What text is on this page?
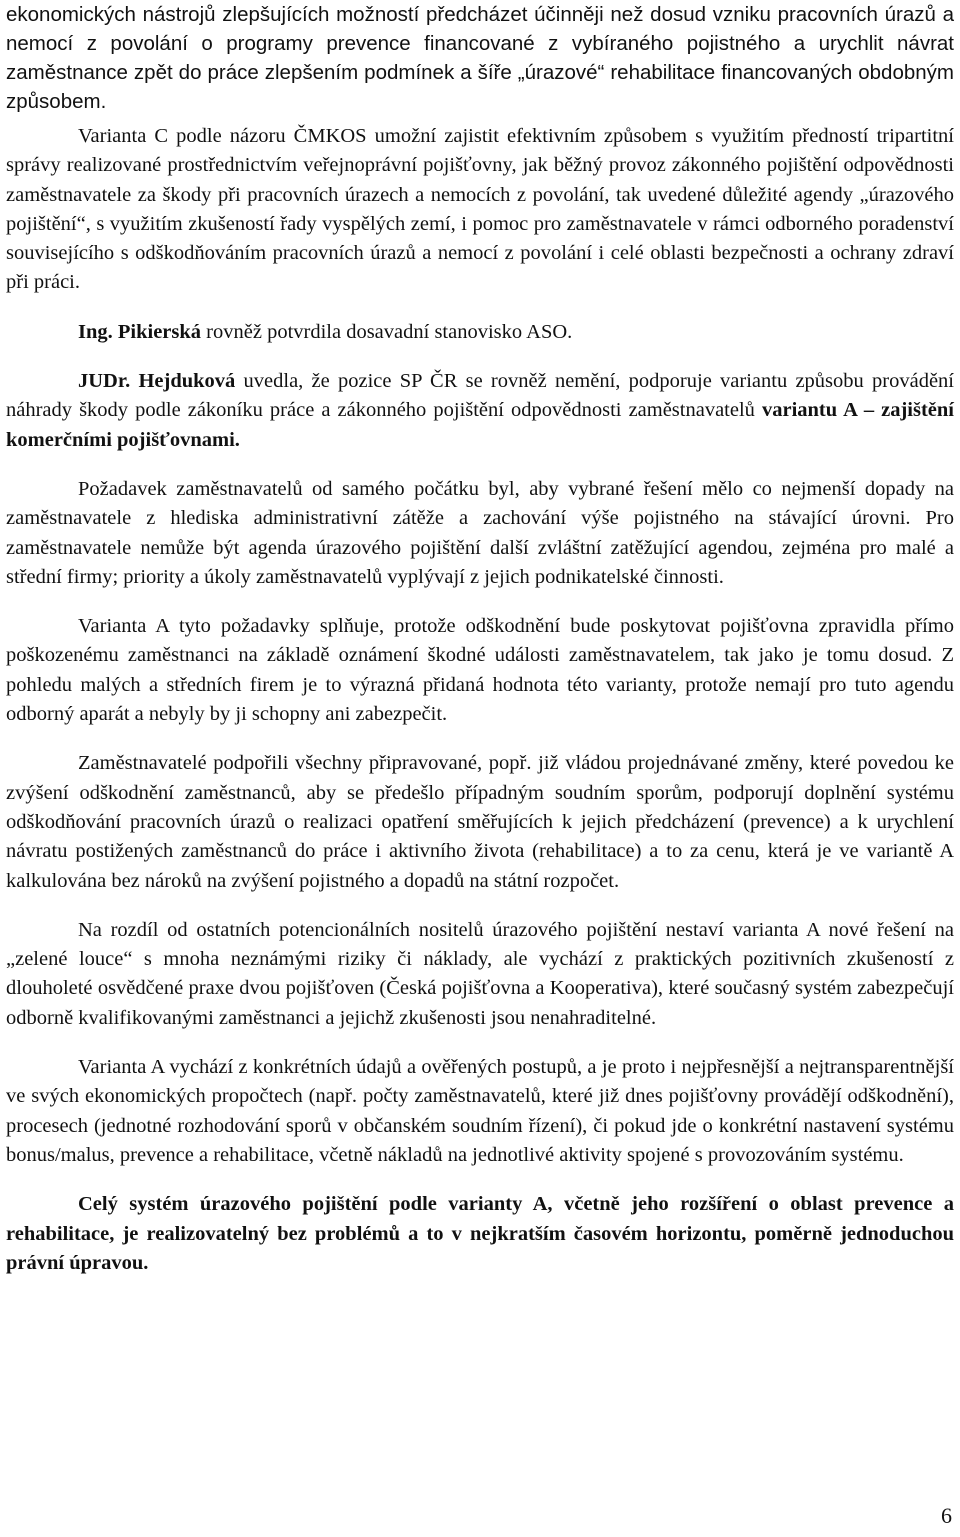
ekonomických nástrojů zlepšujících možností předcházet účinněji než dosud vzniku pracovních úrazů a nemocí z povolání o programy prevence financované z vybíraného pojistného a urychlit návrat zaměstnance zpět do práce zlepšením podmínek a šíře „úrazové“ rehabilitace financovaných obdobným způsobem.

Varianta C podle názoru ČMKOS umožní zajistit efektivním způsobem s využitím předností tripartitní správy realizované prostřednictvím veřejnoprávní pojišťovny, jak běžný provoz zákonného pojištění odpovědnosti zaměstnavatele za škody při pracovních úrazech a nemocích z povolání, tak uvedené důležité agendy „úrazového pojištění“, s využitím zkušeností řady vyspělých zemí, i pomoc pro zaměstnavatele v rámci odborného poradenství souvisejícího s odškodňováním pracovních úrazů a nemocí z povolání i celé oblasti bezpečnosti a ochrany zdraví při práci.

Ing. Pikierská rovněž potvrdila dosavadní stanovisko ASO.

JUDr. Hejduková uvedla, že pozice SP ČR se rovněž nemění, podporuje variantu způsobu provádění náhrady škody podle zákoníku práce a zákonného pojištění odpovědnosti zaměstnavatelů variantu A – zajištění komerčními pojišťovnami.

Požadavek zaměstnavatelů od samého počátku byl, aby vybrané řešení mělo co nejmenší dopady na zaměstnavatele z hlediska administrativní zátěže a zachování výše pojistného na stávající úrovni. Pro zaměstnavatele nemůže být agenda úrazového pojištění další zvláštní zatěžující agendou, zejména pro malé a střední firmy; priority a úkoly zaměstnavatelů vyplývají z jejich podnikatelské činnosti.

Varianta A tyto požadavky splňuje, protože odškodnění bude poskytovat pojišťovna zpravidla přímo poškozenému zaměstnanci na základě oznámení škodné události zaměstnavatelem, tak jako je tomu dosud. Z pohledu malých a středních firem je to výrazná přidaná hodnota této varianty, protože nemají pro tuto agendu odborný aparát a nebyly by ji schopny ani zabezpečit.

Zaměstnavatelé podpořili všechny připravované, popř. již vládou projednávané změny, které povedou ke zvýšení odškodnění zaměstnanců, aby se předešlo případným soudním sporům, podporují doplnění systému odškodňování pracovních úrazů o realizaci opatření směřujících k jejich předcházení (prevence) a k urychlení návratu postižených zaměstnanců do práce i aktivního života (rehabilitace) a to za cenu, která je ve variantě A kalkulována bez nároků na zvýšení pojistného a dopadů na státní rozpočet.

Na rozdíl od ostatních potencionálních nositelů úrazového pojištění nestaví varianta A nové řešení na „zelené louce“ s mnoha neznámými riziky či náklady, ale vychází z praktických pozitivních zkušeností z dlouholeté osvědčené praxe dvou pojišťoven (Česká pojišťovna a Kooperativa), které současný systém zabezpečují odborně kvalifikovanými zaměstnanci a jejichž zkušenosti jsou nenahraditelné.

Varianta A vychází z konkrétních údajů a ověřených postupů, a je proto i nejpřesnější a nejtransparentnější ve svých ekonomických propočtech (např. počty zaměstnavatelů, které již dnes pojišťovny provádějí odškodnění), procesech (jednotné rozhodování sporů v občanském soudním řízení), či pokud jde o konkrétní nastavení systému bonus/malus, prevence a rehabilitace, včetně nákladů na jednotlivé aktivity spojené s provozováním systému.

Celý systém úrazového pojištění podle varianty A, včetně jeho rozšíření o oblast prevence a rehabilitace, je realizovatelný bez problémů a to v nejkratším časovém horizontu, poměrně jednoduchou právní úpravou.

6
